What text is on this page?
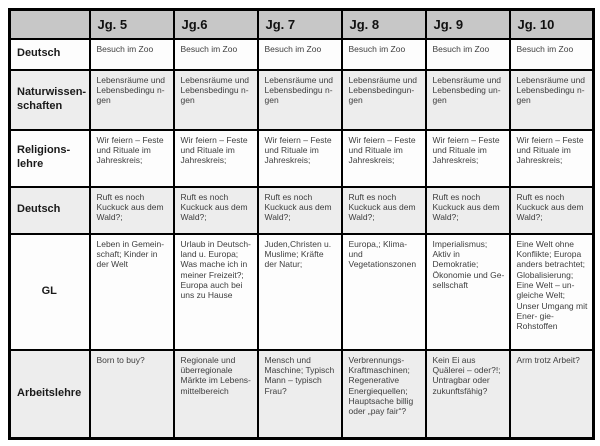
	Jg. 5	Jg.6	Jg. 7	Jg. 8	Jg. 9	Jg. 10
Deutsch	Besuch im Zoo	Besuch im Zoo	Besuch im Zoo	Besuch im Zoo	Besuch im Zoo	Besuch im Zoo
Naturwissen- schaften	Lebensräume und Lebensbedingu n- gen	Lebensräume und Lebensbedingu n- gen	Lebensräume und Lebensbedingu n- gen	Lebensräume und Lebensbedingun- gen	Lebensräume und Lebensbeding un- gen	Lebensräume und Lebensbedingu n- gen
Religions- lehre	Wir feiern – Feste und Rituale im Jahreskreis;	Wir feiern – Feste und Rituale im Jahreskreis;	Wir feiern – Feste und Rituale im Jahreskreis;	Wir feiern – Feste und Rituale im Jahreskreis;	Wir feiern – Feste und Rituale im Jahreskreis;	Wir feiern – Feste und Rituale im Jahreskreis;
Deutsch	Ruft es noch Kuckuck aus dem Wald?;	Ruft es noch Kuckuck aus dem Wald?;	Ruft es noch Kuckuck aus dem Wald?;	Ruft es noch Kuckuck aus dem Wald?;	Ruft es noch Kuckuck aus dem Wald?;	Ruft es noch Kuckuck aus dem Wald?;
GL	Leben in Gemein- schaft; Kinder in der Welt	Urlaub in Deutsch- land u. Europa; Was mache ich in meiner Freizeit?; Europa auch bei uns zu Hause	Juden,Christen u. Muslime; Kräfte der Natur;	Europa,; Klima- und Vegetationszonen	Imperialismus; Aktiv in Demokratie; Ökonomie und Ge- sellschaft	Eine Welt ohne Konflikte; Europa anders betrachtet; Globalisierung; Eine Welt – un- gleiche Welt; Unser Umgang mit Ener- gie- Rohstoffen
Arbeitslehre	Born to buy?	Regionale und überregionale Märkte im Lebens- mittelbereich	Mensch und Maschine; Typisch Mann – typisch Frau?	Verbrennungs- Kraftmaschinen; Regenerative Energiequellen; Hauptsache billig oder „pay fair“?	Kein Ei aus Quälerei – oder?!; Untragbar oder zukunftsfähig?	Arm trotz Arbeit?
